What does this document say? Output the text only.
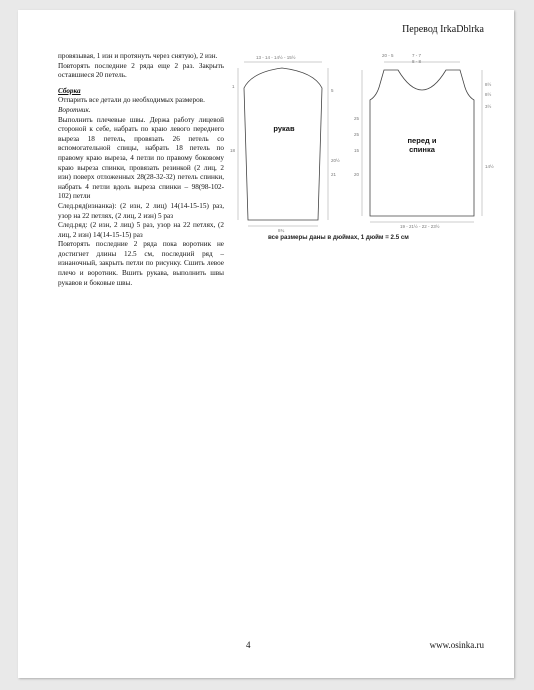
Перевод IrkaDblrka

провязывая, 1 изн и протянуть через снятую), 2 изн.

Повторять последние 2 ряда еще 2 раз. Закрыть оставшиеся 20 петель.

Сборка

Отпарить все детали до необходимых размеров.

Воротник.

Выполнить плечевые швы. Держа работу лицевой стороной к себе, набрать по краю левого переднего выреза 18 петель, провязать 26 петель со вспомогательной спицы, набрать 18 петель по правому краю выреза, 4 петли по правому боковому краю выреза спинки, провязать резинкой (2 лиц, 2 изн) поверх отложенных 28(28-32-32) петель спинки, набрать 4 петли вдоль выреза спинки – 98(98-102-102) петли

След.ряд(изнанка): (2 изн, 2 лиц) 14(14-15-15) раз, узор на 22 петлях, (2 лиц, 2 изн) 5 раз

След.ряд: (2 изн, 2 лиц) 5 раз, узор на 22 петлях, (2 лиц, 2 изн) 14(14-15-15) раз

Повторять последние 2 ряда пока воротник не достигнет длины 12.5 см, последний ряд – изнаночный, закрыть петли по рисунку. Сшить левое плечо и воротник. Вшить рукава, выполнить швы рукавов и боковые швы.

рукав
перед и
спинка
13 - 14 - 14½ - 15½
8¾
1
18
5
20½
21
20 - 5	7 - 7
8 - 8
25
25
15
20
8½
8½
3½
14½
19 - 21½ - 22 - 23½
все размеры даны в дюймах, 1 дюйм = 2.5 см
4	www.osinka.ru
